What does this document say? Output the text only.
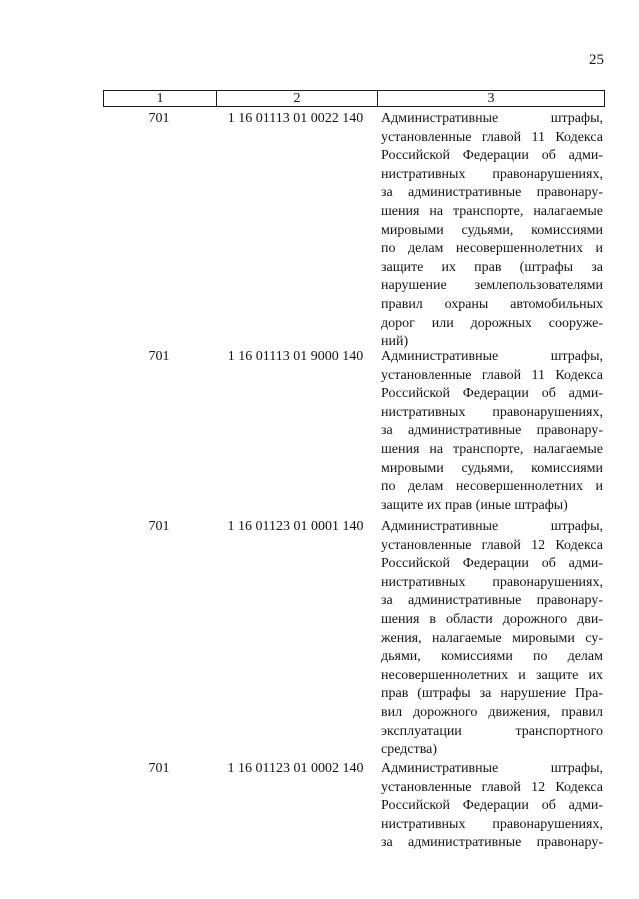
25
1	2	3
701	1 16 01113 01 0022 140	Административные штрафы,
установленные главой 11 Кодекса
Российской Федерации об адми-
нистративных правонарушениях,
за административные правонару-
шения на транспорте, налагаемые
мировыми судьями, комиссиями
по делам несовершеннолетних и
защите их прав (штрафы за
нарушение землепользователями
правил охраны автомобильных
дорог или дорожных сооруже-
ний)
701	1 16 01113 01 9000 140	Административные штрафы,
установленные главой 11 Кодекса
Российской Федерации об адми-
нистративных правонарушениях,
за административные правонару-
шения на транспорте, налагаемые
мировыми судьями, комиссиями
по делам несовершеннолетних и
защите их прав (иные штрафы)
701	1 16 01123 01 0001 140	Административные штрафы,
установленные главой 12 Кодекса
Российской Федерации об адми-
нистративных правонарушениях,
за административные правонару-
шения в области дорожного дви-
жения, налагаемые мировыми су-
дьями, комиссиями по делам
несовершеннолетних и защите их
прав (штрафы за нарушение Пра-
вил дорожного движения, правил
эксплуатации транспортного
средства)
701	1 16 01123 01 0002 140	Административные штрафы,
установленные главой 12 Кодекса
Российской Федерации об адми-
нистративных правонарушениях,
за административные правонару-
